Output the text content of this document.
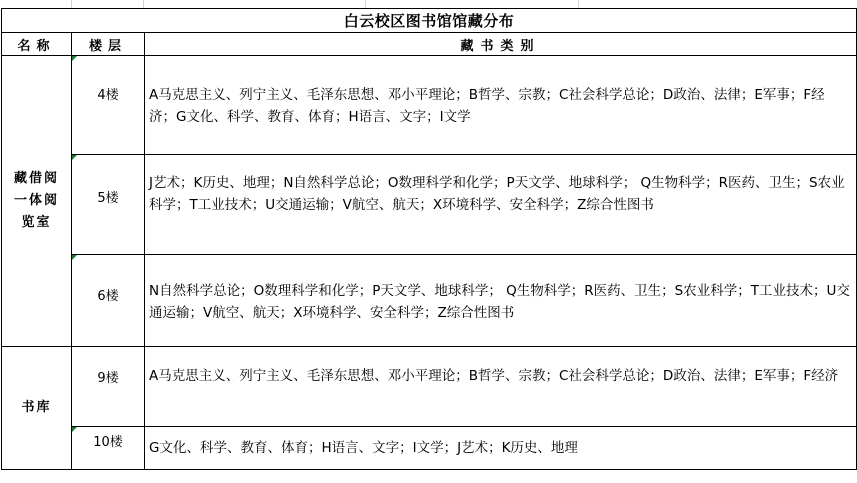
白云校区图书馆馆藏分布		
名称	楼层	藏书类别

藏借阅
一体阅
览室	4楼	A马克思主义、列宁主义、毛泽东思想、邓小平理论；B哲学、宗教；C社会科学总论；D政治、法律；E军事；F经济；G文化、科学、教育、体育；H语言、文字；I文学

	5楼	J艺术；K历史、地理；N自然科学总论；O数理科学和化学；P天文学、地球科学； Q生物科学；R医药、卫生；S农业科学；T工业技术；U交通运输；V航空、航天；X环境科学、安全科学；Z综合性图书

	6楼	N自然科学总论；O数理科学和化学；P天文学、地球科学； Q生物科学；R医药、卫生；S农业科学；T工业技术；U交通运输；V航空、航天；X环境科学、安全科学；Z综合性图书

书库	9楼	A马克思主义、列宁主义、毛泽东思想、邓小平理论；B哲学、宗教；C社会科学总论；D政治、法律；E军事；F经济

	10楼	G文化、科学、教育、体育；H语言、文字；I文学；J艺术；K历史、地理
